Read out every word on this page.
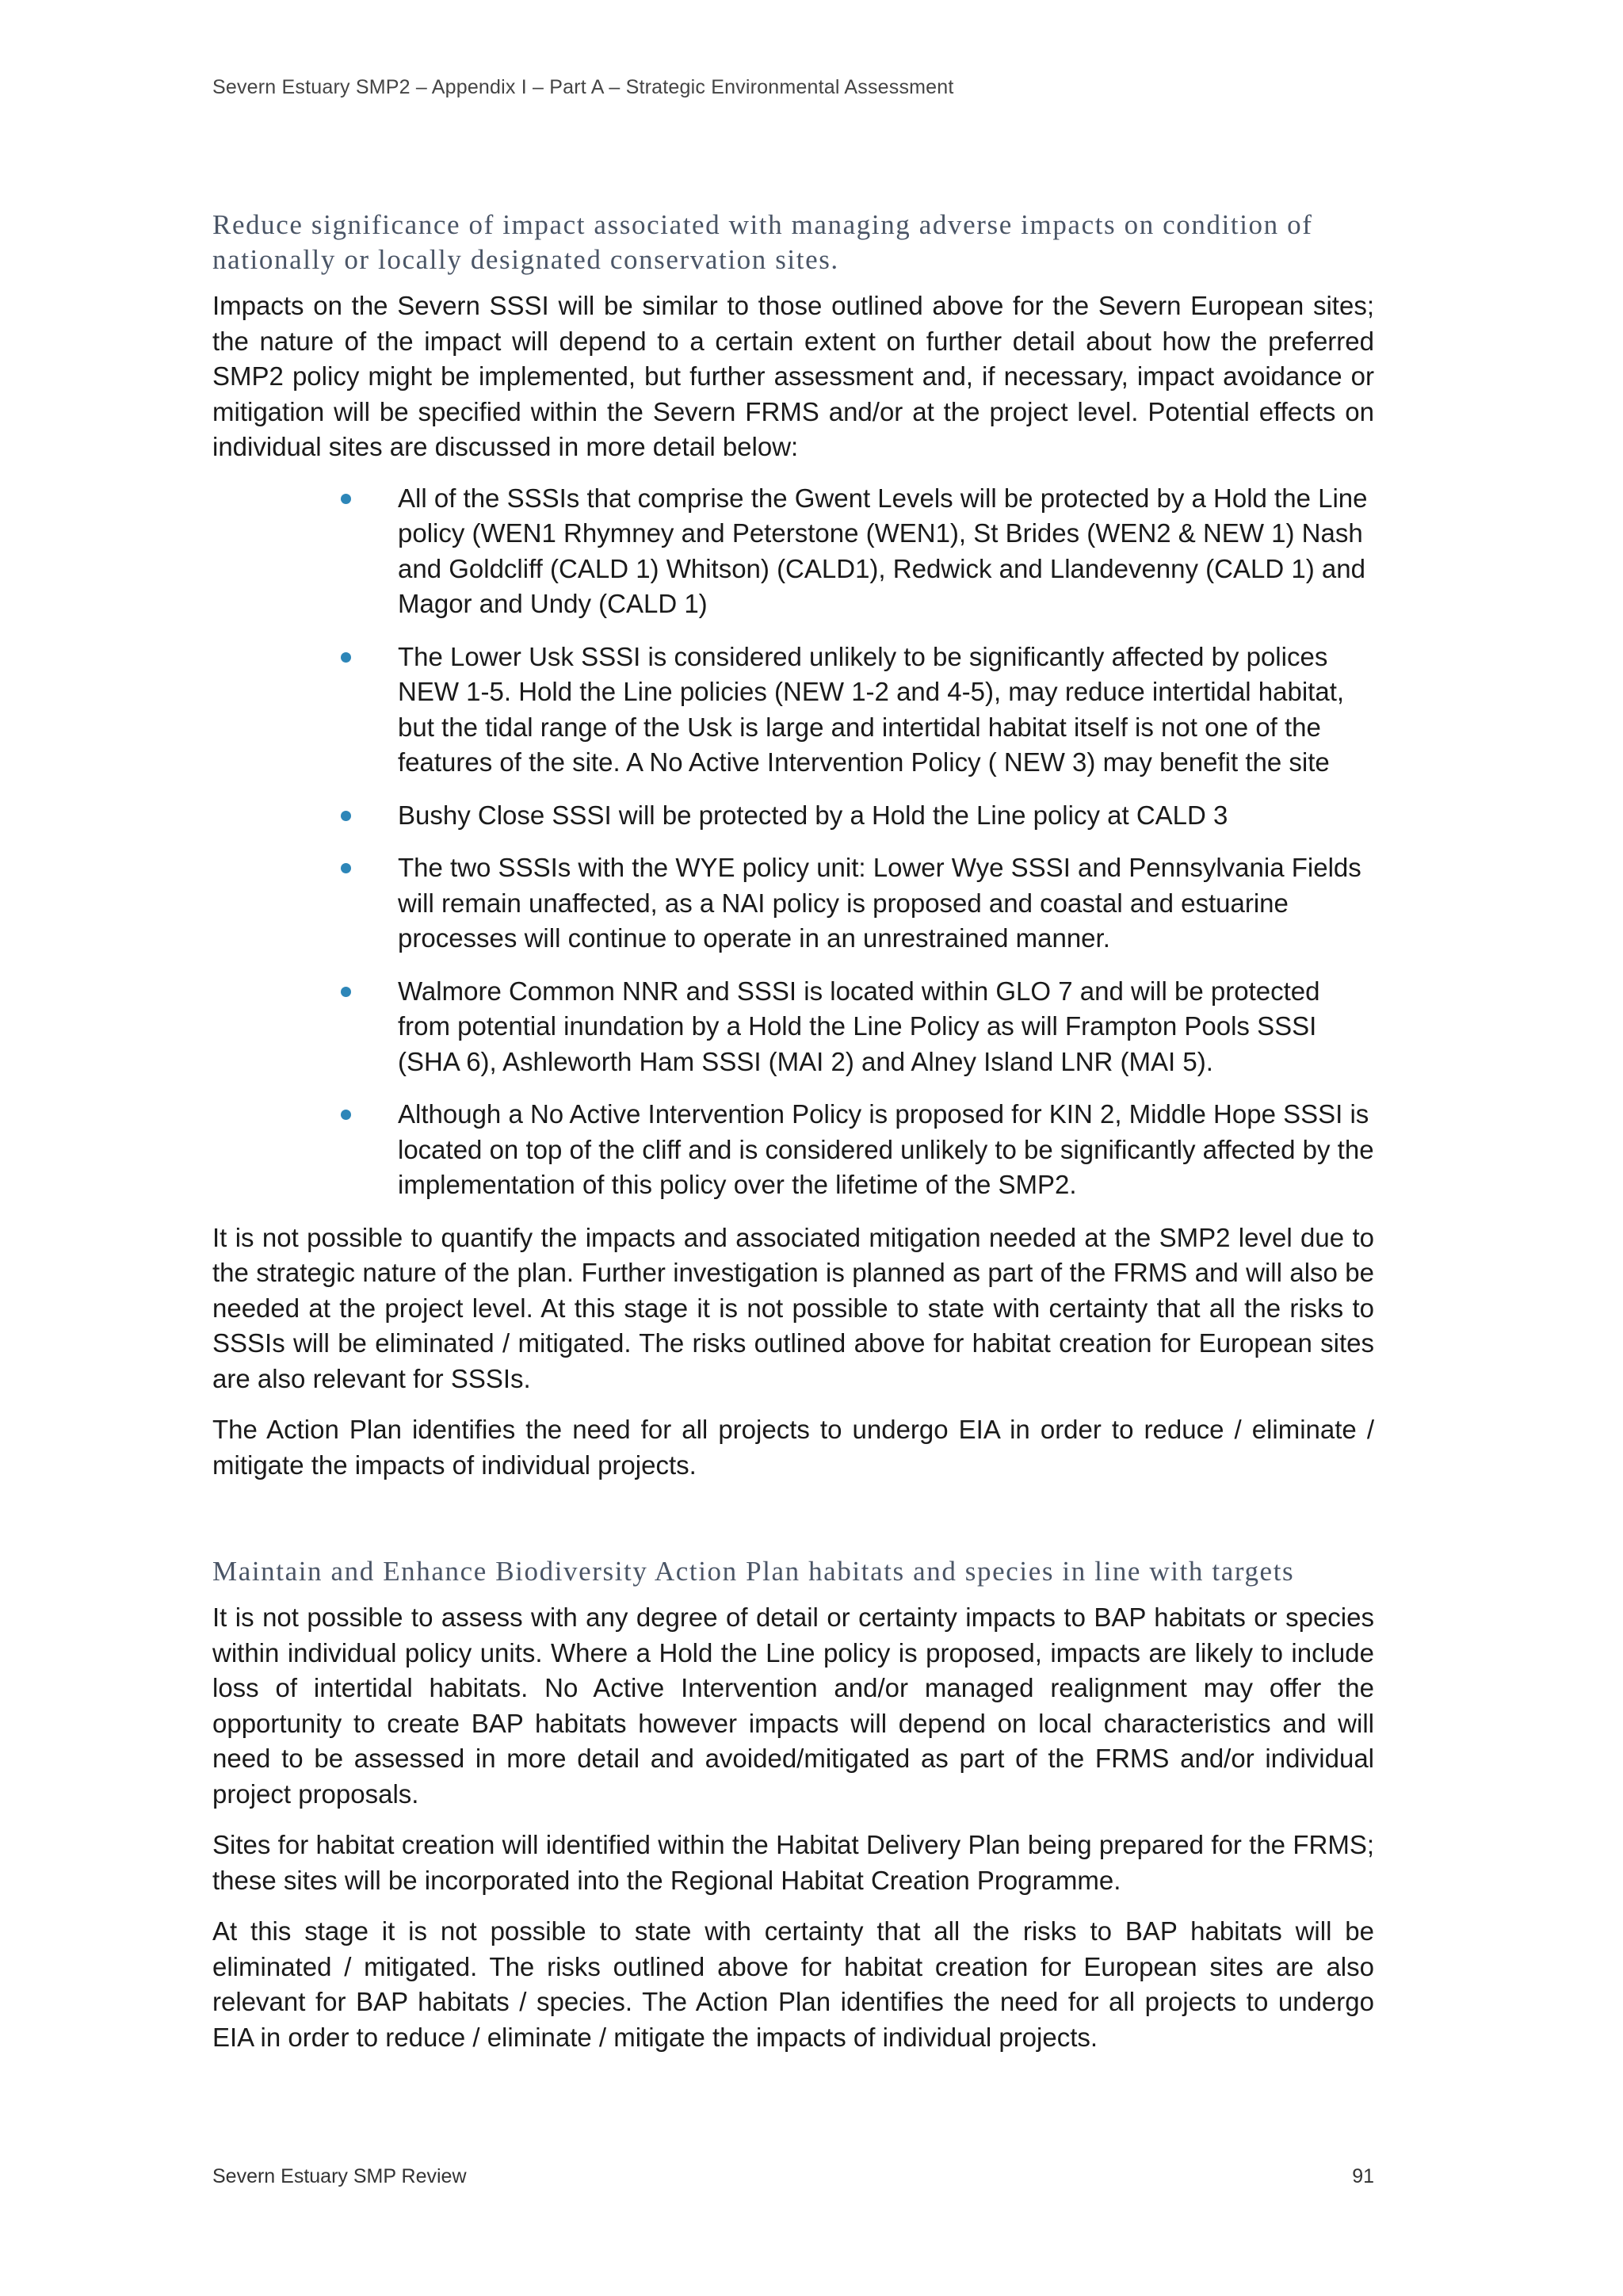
Severn Estuary SMP2 – Appendix I – Part A – Strategic Environmental Assessment
Reduce significance of impact associated with managing adverse impacts on condition of nationally or locally designated conservation sites.

Impacts on the Severn SSSI will be similar to those outlined above for the Severn European sites; the nature of the impact will depend to a certain extent on further detail about how the preferred SMP2 policy might be implemented, but further assessment and, if necessary, impact avoidance or mitigation will be specified within the Severn FRMS and/or at the project level. Potential effects on individual sites are discussed in more detail below:

All of the SSSIs that comprise the Gwent Levels will be protected by a Hold the Line policy (WEN1 Rhymney and Peterstone (WEN1), St Brides (WEN2 & NEW 1) Nash and Goldcliff (CALD 1) Whitson) (CALD1), Redwick and Llandevenny (CALD 1) and Magor and Undy (CALD 1)
The Lower Usk SSSI is considered unlikely to be significantly affected by polices NEW 1-5. Hold the Line policies (NEW 1-2 and 4-5), may reduce intertidal habitat, but the tidal range of the Usk is large and intertidal habitat itself is not one of the features of the site. A No Active Intervention Policy ( NEW 3) may benefit the site
Bushy Close SSSI will be protected by a Hold the Line policy at CALD 3
The two SSSIs with the WYE policy unit: Lower Wye SSSI and Pennsylvania Fields will remain unaffected, as a NAI policy is proposed and coastal and estuarine processes will continue to operate in an unrestrained manner.
Walmore Common NNR and SSSI is located within GLO 7 and will be protected from potential inundation by a Hold the Line Policy as will Frampton Pools SSSI (SHA 6), Ashleworth Ham SSSI (MAI 2) and Alney Island LNR (MAI 5).
Although a No Active Intervention Policy is proposed for KIN 2, Middle Hope SSSI is located on top of the cliff and is considered unlikely to be significantly affected by the implementation of this policy over the lifetime of the SMP2.

It is not possible to quantify the impacts and associated mitigation needed at the SMP2 level due to the strategic nature of the plan. Further investigation is planned as part of the FRMS and will also be needed at the project level. At this stage it is not possible to state with certainty that all the risks to SSSIs will be eliminated / mitigated. The risks outlined above for habitat creation for European sites are also relevant for SSSIs.

The Action Plan identifies the need for all projects to undergo EIA in order to reduce / eliminate / mitigate the impacts of individual projects.

Maintain and Enhance Biodiversity Action Plan habitats and species in line with targets

It is not possible to assess with any degree of detail or certainty impacts to BAP habitats or species within individual policy units. Where a Hold the Line policy is proposed, impacts are likely to include loss of intertidal habitats. No Active Intervention and/or managed realignment may offer the opportunity to create BAP habitats however impacts will depend on local characteristics and will need to be assessed in more detail and avoided/mitigated as part of the FRMS and/or individual project proposals.

Sites for habitat creation will identified within the Habitat Delivery Plan being prepared for the FRMS; these sites will be incorporated into the Regional Habitat Creation Programme.

At this stage it is not possible to state with certainty that all the risks to BAP habitats will be eliminated / mitigated. The risks outlined above for habitat creation for European sites are also relevant for BAP habitats / species. The Action Plan identifies the need for all projects to undergo EIA in order to reduce / eliminate / mitigate the impacts of individual projects.

Severn Estuary SMP Review	91
